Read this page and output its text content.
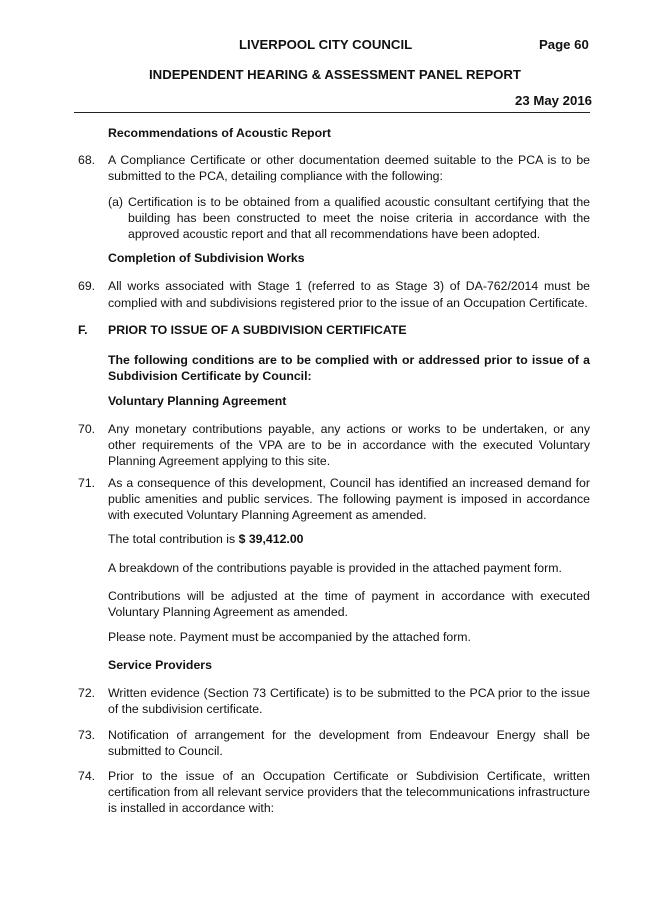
LIVERPOOL CITY COUNCIL	Page 60
INDEPENDENT HEARING & ASSESSMENT PANEL REPORT
23 May 2016

Recommendations of Acoustic Report

68. A Compliance Certificate or other documentation deemed suitable to the PCA is to be submitted to the PCA, detailing compliance with the following:

(a) Certification is to be obtained from a qualified acoustic consultant certifying that the building has been constructed to meet the noise criteria in accordance with the approved acoustic report and that all recommendations have been adopted.

Completion of Subdivision Works

69. All works associated with Stage 1 (referred to as Stage 3) of DA-762/2014 must be complied with and subdivisions registered prior to the issue of an Occupation Certificate.

F. PRIOR TO ISSUE OF A SUBDIVISION CERTIFICATE

The following conditions are to be complied with or addressed prior to issue of a Subdivision Certificate by Council:

Voluntary Planning Agreement

70. Any monetary contributions payable, any actions or works to be undertaken, or any other requirements of the VPA are to be in accordance with the executed Voluntary Planning Agreement applying to this site.

71. As a consequence of this development, Council has identified an increased demand for public amenities and public services. The following payment is imposed in accordance with executed Voluntary Planning Agreement as amended.

The total contribution is $ 39,412.00

A breakdown of the contributions payable is provided in the attached payment form.

Contributions will be adjusted at the time of payment in accordance with executed Voluntary Planning Agreement as amended.

Please note. Payment must be accompanied by the attached form.

Service Providers

72. Written evidence (Section 73 Certificate) is to be submitted to the PCA prior to the issue of the subdivision certificate.

73. Notification of arrangement for the development from Endeavour Energy shall be submitted to Council.

74. Prior to the issue of an Occupation Certificate or Subdivision Certificate, written certification from all relevant service providers that the telecommunications infrastructure is installed in accordance with:
